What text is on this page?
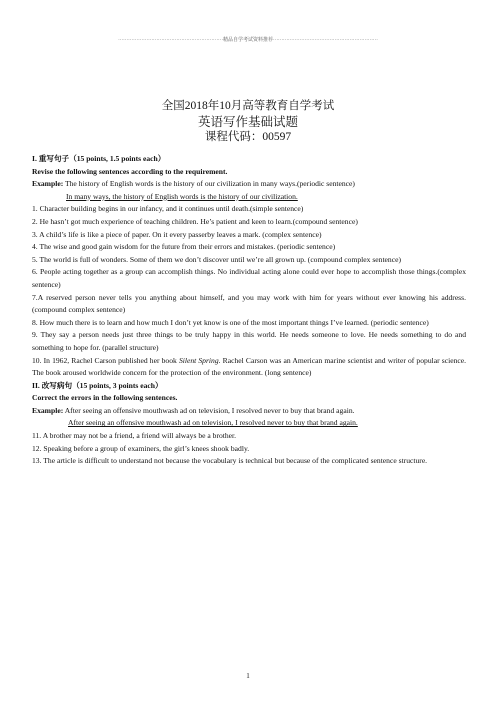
·······························································精品自学考试资料推荐·······························································
全国2018年10月高等教育自学考试
英语写作基础试题
课程代码：00597

I. 重写句子（15 points, 1.5 points each）

Revise the following sentences according to the requirement.

Example: The history of English words is the history of our civilization in many ways.(periodic sentence)

In many ways, the history of English words is the history of our civilization.

1. Character building begins in our infancy, and it continues until death.(simple sentence)

2. He hasn’t got much experience of teaching children. He’s patient and keen to learn.(compound sentence)

3. A child’s life is like a piece of paper. On it every passerby leaves a mark. (complex sentence)

4. The wise and good gain wisdom for the future from their errors and mistakes. (periodic sentence)

5. The world is full of wonders. Some of them we don’t discover until we’re all grown up. (compound complex sentence)

6. People acting together as a group can accomplish things. No individual acting alone could ever hope to accomplish those things.(complex sentence)

7.A reserved person never tells you anything about himself, and you may work with him for years without ever knowing his address. (compound complex sentence)

8. How much there is to learn and how much I don’t yet know is one of the most important things I’ve learned. (periodic sentence)

9. They say a person needs just three things to be truly happy in this world. He needs someone to love. He needs something to do and something to hope for. (parallel structure)

10. In 1962, Rachel Carson published her book Silent Spring. Rachel Carson was an American marine scientist and writer of popular science. The book aroused worldwide concern for the protection of the environment. (long sentence)

II. 改写病句（15 points, 3 points each）

Correct the errors in the following sentences.

Example: After seeing an offensive mouthwash ad on television, I resolved never to buy that brand again.

After seeing an offensive mouthwash ad on television, I resolved never to buy that brand again.

11. A brother may not be a friend, a friend will always be a brother.

12. Speaking before a group of examiners, the girl’s knees shook badly.

13. The article is difficult to understand not because the vocabulary is technical but because of the complicated sentence structure.

1
